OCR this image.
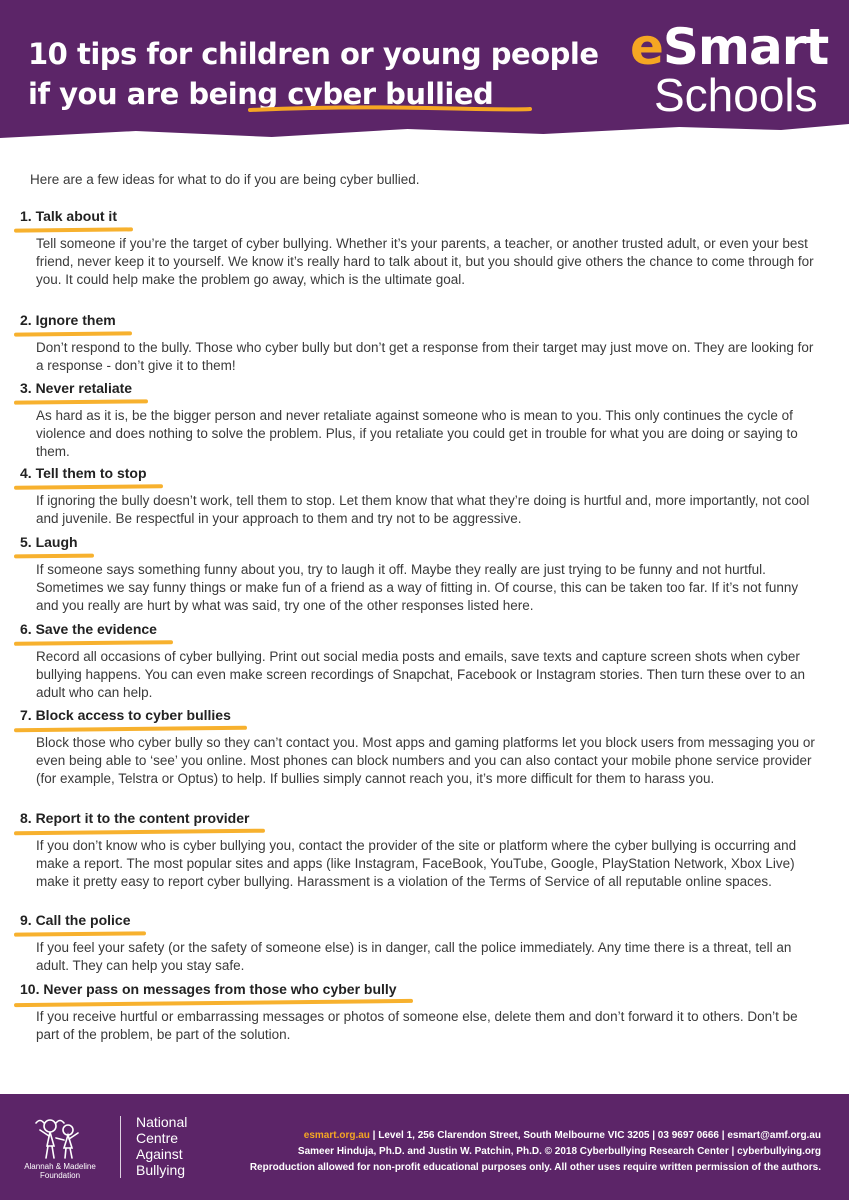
10 tips for children or young people
if you are being cyber bullied
eSmart
Schools
Here are a few ideas for what to do if you are being cyber bullied.
1. Talk about it
Tell someone if you’re the target of cyber bullying. Whether it’s your parents, a teacher, or another trusted adult, or even your best friend, never keep it to yourself. We know it’s really hard to talk about it, but you should give others the chance to come through for you. It could help make the problem go away, which is the ultimate goal.
2. Ignore them
Don’t respond to the bully. Those who cyber bully but don’t get a response from their target may just move on. They are looking for a response - don’t give it to them!
3. Never retaliate
As hard as it is, be the bigger person and never retaliate against someone who is mean to you. This only continues the cycle of violence and does nothing to solve the problem. Plus, if you retaliate you could get in trouble for what you are doing or saying to them.
4. Tell them to stop
If ignoring the bully doesn’t work, tell them to stop. Let them know that what they’re doing is hurtful and, more importantly, not cool and juvenile. Be respectful in your approach to them and try not to be aggressive.
5. Laugh
If someone says something funny about you, try to laugh it off. Maybe they really are just trying to be funny and not hurtful. Sometimes we say funny things or make fun of a friend as a way of fitting in. Of course, this can be taken too far. If it’s not funny and you really are hurt by what was said, try one of the other responses listed here.
6. Save the evidence
Record all occasions of cyber bullying. Print out social media posts and emails, save texts and capture screen shots when cyber bullying happens. You can even make screen recordings of Snapchat, Facebook or Instagram stories. Then turn these over to an adult who can help.
7. Block access to cyber bullies
Block those who cyber bully so they can’t contact you. Most apps and gaming platforms let you block users from messaging you or even being able to ‘see’ you online. Most phones can block numbers and you can also contact your mobile phone service provider (for example, Telstra or Optus) to help. If bullies simply cannot reach you, it’s more difficult for them to harass you.
8. Report it to the content provider
If you don’t know who is cyber bullying you, contact the provider of the site or platform where the cyber bullying is occurring and make a report. The most popular sites and apps (like Instagram, FaceBook, YouTube, Google, PlayStation Network, Xbox Live) make it pretty easy to report cyber bullying. Harassment is a violation of the Terms of Service of all reputable online spaces.
9. Call the police
If you feel your safety (or the safety of someone else) is in danger, call the police immediately. Any time there is a threat, tell an adult. They can help you stay safe.
10. Never pass on messages from those who cyber bully
If you receive hurtful or embarrassing messages or photos of someone else, delete them and don’t forward it to others. Don’t be part of the problem, be part of the solution.
Alannah & Madeline
Foundation
National
Centre
Against
Bullying
esmart.org.au | Level 1, 256 Clarendon Street, South Melbourne VIC 3205 | 03 9697 0666 | esmart@amf.org.au
Sameer Hinduja, Ph.D. and Justin W. Patchin, Ph.D. © 2018 Cyberbullying Research Center | cyberbullying.org
Reproduction allowed for non-profit educational purposes only. All other uses require written permission of the authors.
